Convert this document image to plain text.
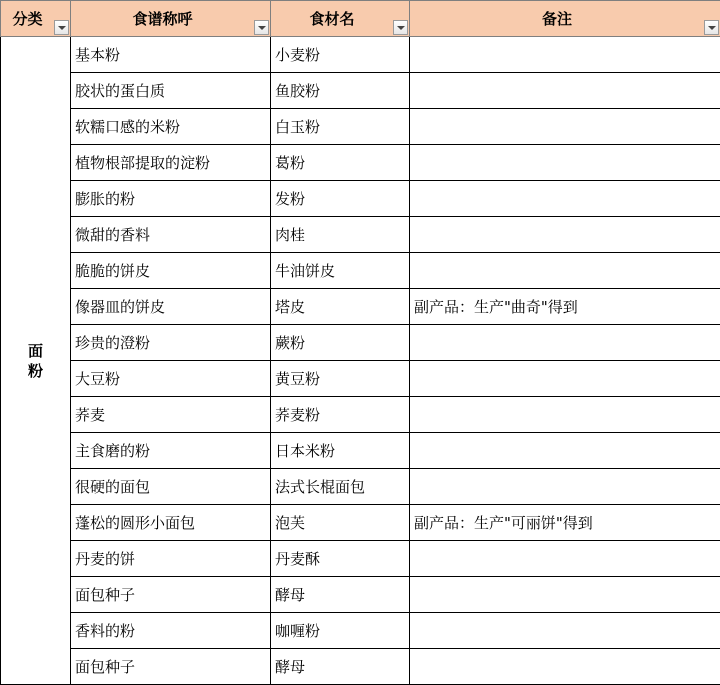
分类	食谱称呼	食材名	备注

面
粉	基本粉	小麦粉	
	胶状的蛋白质	鱼胶粉	
	软糯口感的米粉	白玉粉	
	植物根部提取的淀粉	葛粉	
	膨胀的粉	发粉	
	微甜的香料	肉桂	
	脆脆的饼皮	牛油饼皮	
	像器皿的饼皮	塔皮	副产品：生产"曲奇"得到
	珍贵的澄粉	蕨粉	
	大豆粉	黄豆粉	
	荞麦	荞麦粉	
	主食磨的粉	日本米粉	
	很硬的面包	法式长棍面包	
	蓬松的圆形小面包	泡芙	副产品：生产"可丽饼"得到
	丹麦的饼	丹麦酥	
	面包种子	酵母	
	香料的粉	咖喱粉	
	面包种子	酵母	
